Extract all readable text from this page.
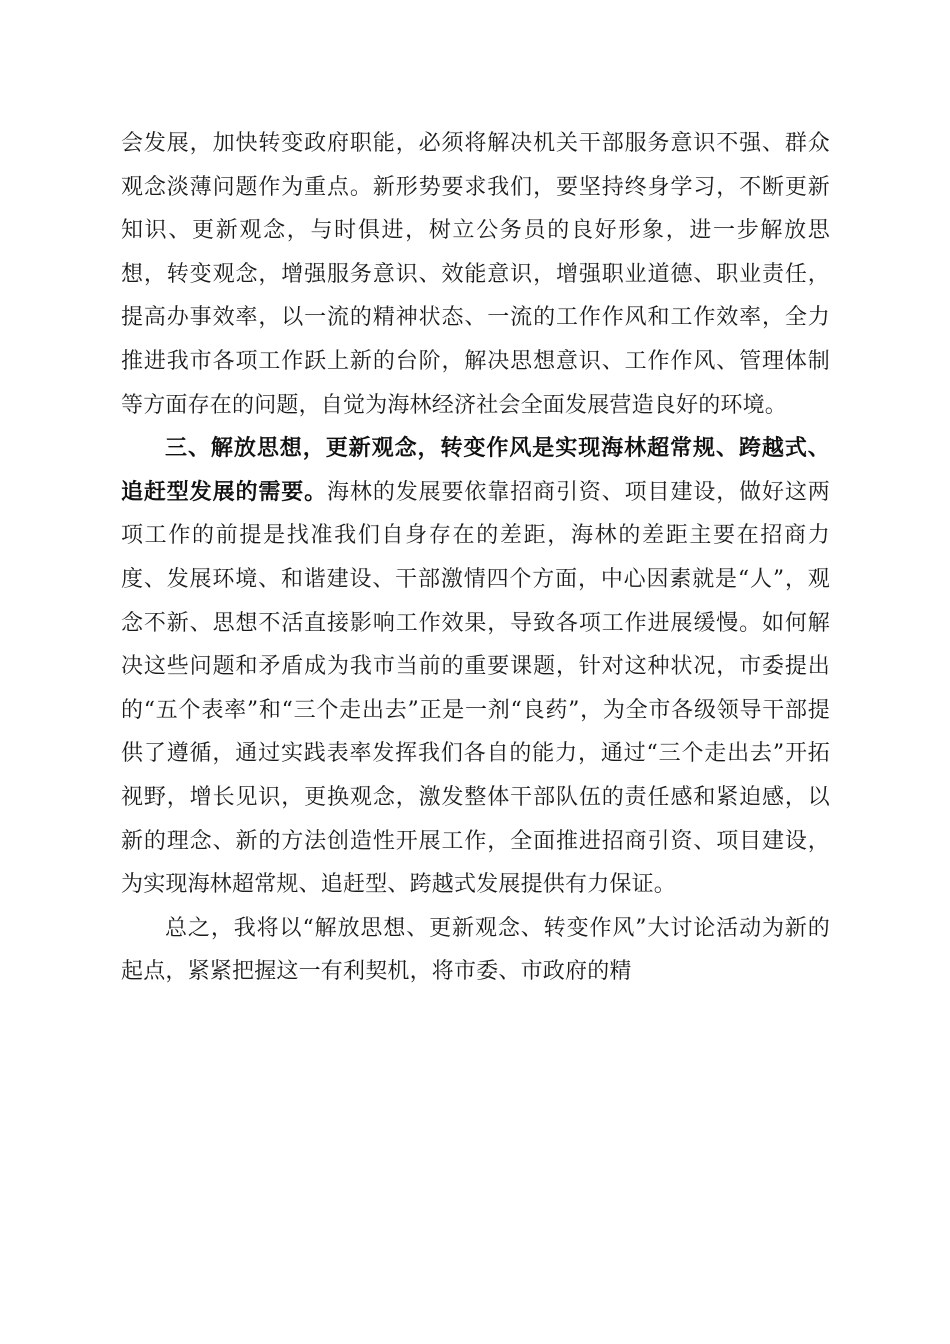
会发展，加快转变政府职能，必须将解决机关干部服务意识不强、群众观念淡薄问题作为重点。新形势要求我们，要坚持终身学习，不断更新知识、更新观念，与时俱进，树立公务员的良好形象，进一步解放思想，转变观念，增强服务意识、效能意识，增强职业道德、职业责任，提高办事效率，以一流的精神状态、一流的工作作风和工作效率，全力推进我市各项工作跃上新的台阶，解决思想意识、工作作风、管理体制等方面存在的问题，自觉为海林经济社会全面发展营造良好的环境。

三、解放思想，更新观念，转变作风是实现海林超常规、跨越式、追赶型发展的需要。海林的发展要依靠招商引资、项目建设，做好这两项工作的前提是找准我们自身存在的差距，海林的差距主要在招商力度、发展环境、和谐建设、干部激情四个方面，中心因素就是“人”，观念不新、思想不活直接影响工作效果，导致各项工作进展缓慢。如何解决这些问题和矛盾成为我市当前的重要课题，针对这种状况，市委提出的“五个表率”和“三个走出去”正是一剂“良药”，为全市各级领导干部提供了遵循，通过实践表率发挥我们各自的能力，通过“三个走出去”开拓视野，增长见识，更换观念，激发整体干部队伍的责任感和紧迫感，以新的理念、新的方法创造性开展工作，全面推进招商引资、项目建设，为实现海林超常规、追赶型、跨越式发展提供有力保证。

总之，我将以“解放思想、更新观念、转变作风”大讨论活动为新的起点，紧紧把握这一有利契机，将市委、市政府的精
